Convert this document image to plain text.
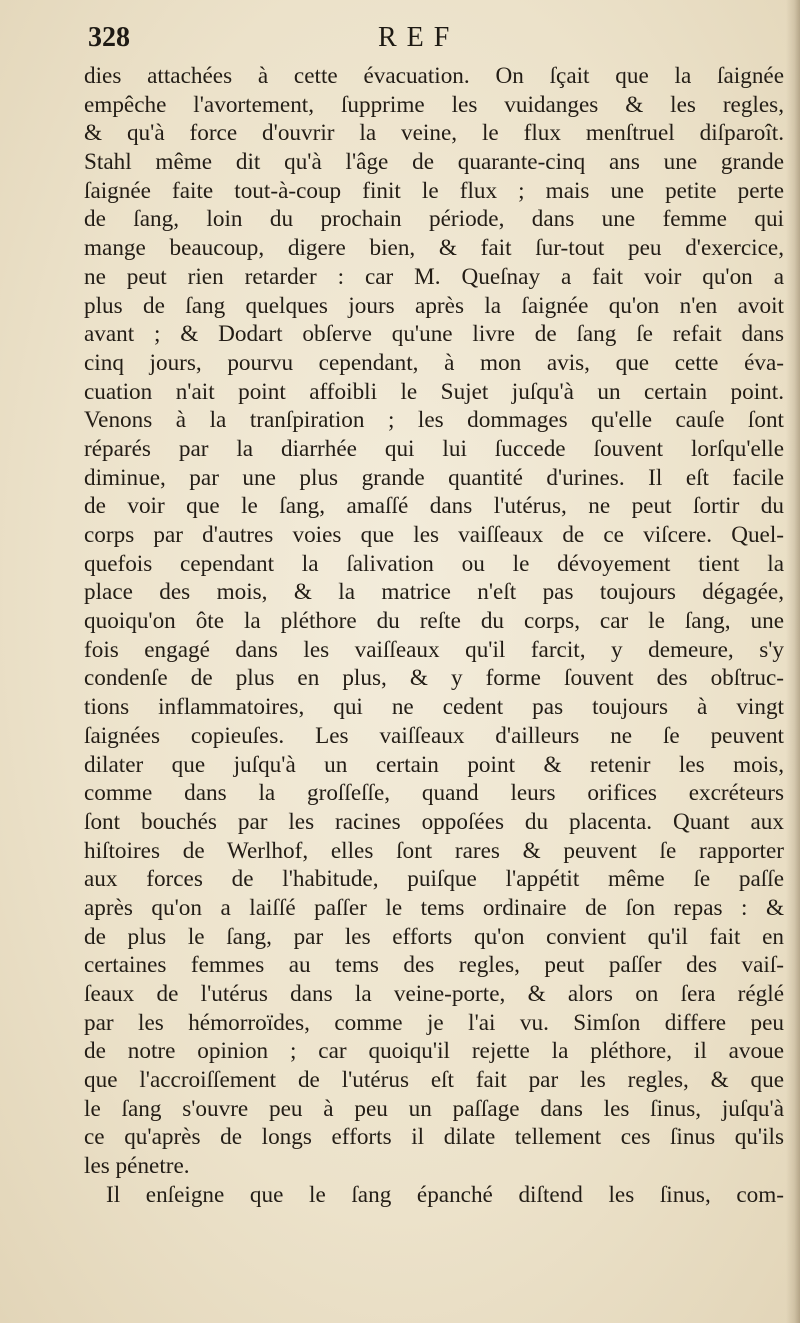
328	REF
dies attachées à cette évacuation. On ſçait que la ſaignée
empêche l'avortement, ſupprime les vuidanges & les regles,
& qu'à force d'ouvrir la veine, le flux menſtruel diſparoît.
Stahl même dit qu'à l'âge de quarante-cinq ans une grande
ſaignée faite tout-à-coup finit le flux ; mais une petite perte
de ſang, loin du prochain période, dans une femme qui
mange beaucoup, digere bien, & fait ſur-tout peu d'exercice,
ne peut rien retarder : car M. Queſnay a fait voir qu'on a
plus de ſang quelques jours après la ſaignée qu'on n'en avoit
avant ; & Dodart obſerve qu'une livre de ſang ſe refait dans
cinq jours, pourvu cependant, à mon avis, que cette éva-
cuation n'ait point affoibli le Sujet juſqu'à un certain point.
Venons à la tranſpiration ; les dommages qu'elle cauſe ſont
réparés par la diarrhée qui lui ſuccede ſouvent lorſqu'elle
diminue, par une plus grande quantité d'urines. Il eſt facile
de voir que le ſang, amaſſé dans l'utérus, ne peut ſortir du
corps par d'autres voies que les vaiſſeaux de ce viſcere. Quel-
quefois cependant la ſalivation ou le dévoyement tient la
place des mois, & la matrice n'eſt pas toujours dégagée,
quoiqu'on ôte la pléthore du reſte du corps, car le ſang, une
fois engagé dans les vaiſſeaux qu'il farcit, y demeure, s'y
condenſe de plus en plus, & y forme ſouvent des obſtruc-
tions inflammatoires, qui ne cedent pas toujours à vingt
ſaignées copieuſes. Les vaiſſeaux d'ailleurs ne ſe peuvent
dilater que juſqu'à un certain point & retenir les mois,
comme dans la groſſeſſe, quand leurs orifices excréteurs
ſont bouchés par les racines oppoſées du placenta. Quant aux
hiſtoires de Werlhof, elles ſont rares & peuvent ſe rapporter
aux forces de l'habitude, puiſque l'appétit même ſe paſſe
après qu'on a laiſſé paſſer le tems ordinaire de ſon repas : &
de plus le ſang, par les efforts qu'on convient qu'il fait en
certaines femmes au tems des regles, peut paſſer des vaiſ-
ſeaux de l'utérus dans la veine-porte, & alors on ſera réglé
par les hémorroïdes, comme je l'ai vu. Simſon differe peu
de notre opinion ; car quoiqu'il rejette la pléthore, il avoue
que l'accroiſſement de l'utérus eſt fait par les regles, & que
le ſang s'ouvre peu à peu un paſſage dans les ſinus, juſqu'à
ce qu'après de longs efforts il dilate tellement ces ſinus qu'ils
les pénetre.
Il enſeigne que le ſang épanché diſtend les ſinus, com-
